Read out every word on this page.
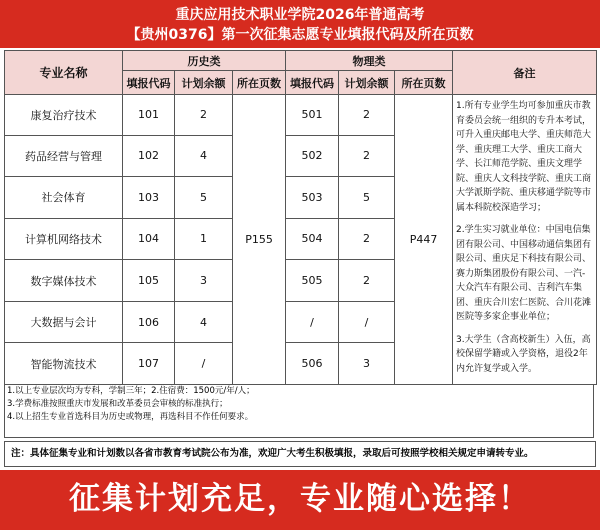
重庆应用技术职业学院2026年普通高考
【贵州0376】第一次征集志愿专业填报代码及所在页数
专业名称	历史类			物理类			备注
	填报代码	计划余额	所在页数	填报代码	计划余额	所在页数	
康复治疗技术	101	2	P155	501	2	P447	1.所有专业学生均可参加重庆市教育委员会统一组织的专升本考试，可升入重庆邮电大学、重庆师范大学、重庆理工大学、重庆工商大学、长江师范学院、重庆文理学院、重庆人文科技学院、重庆工商大学派斯学院、重庆移通学院等市属本科院校深造学习；

2.学生实习就业单位：中国电信集团有限公司、中国移动通信集团有限公司、重庆足下科技有限公司、赛力斯集团股份有限公司、一汽-大众汽车有限公司、吉利汽车集团、重庆合川宏仁医院、合川花滩医院等多家企事业单位；

3.大学生（含高校新生）入伍，高校保留学籍或入学资格，退役2年内允许复学或入学。

药品经营与管理	102	4		502	2		
社会体育	103	5		503	5		
计算机网络技术	104	1		504	2		
数字媒体技术	105	3		505	2		
大数据与会计	106	4		/	/		
智能物流技术	107	/		506	3		
1.以上专业层次均为专科，学制三年；2.住宿费：1500元/年/人；
3.学费标准按照重庆市发展和改革委员会审核的标准执行；
4.以上招生专业首选科目为历史或物理，再选科目不作任何要求。
注：具体征集专业和计划数以各省市教育考试院公布为准，欢迎广大考生积极填报，录取后可按照学校相关规定申请转专业。
征集计划充足，专业随心选择！
